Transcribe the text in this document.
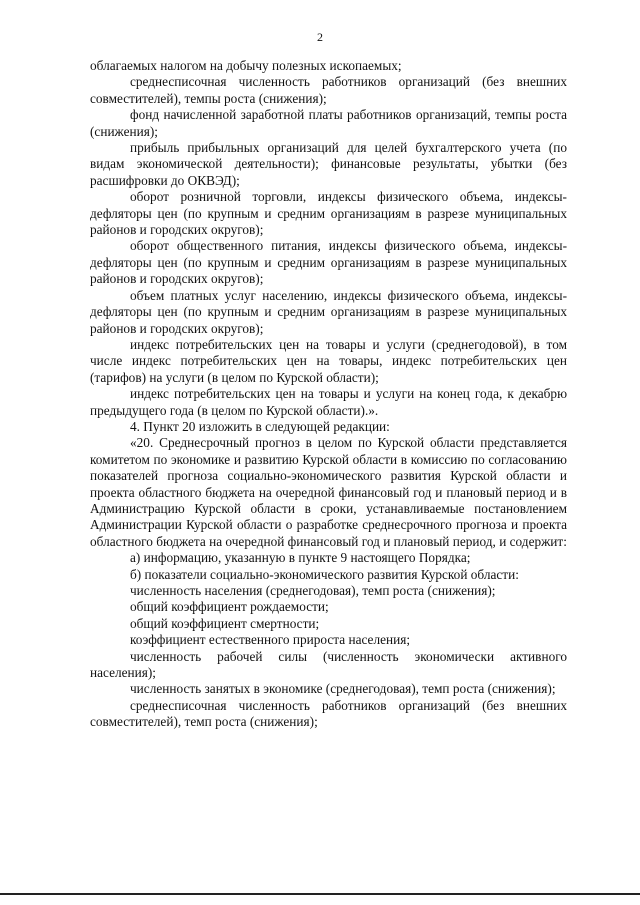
2

облагаемых налогом на добычу полезных ископаемых;

среднесписочная численность работников организаций (без внешних совместителей), темпы роста (снижения);

фонд начисленной заработной платы работников организаций, темпы роста (снижения);

прибыль прибыльных организаций для целей бухгалтерского учета (по видам экономической деятельности); финансовые результаты, убытки (без расшифровки до ОКВЭД);

оборот розничной торговли, индексы физического объема, индексы-дефляторы цен (по крупным и средним организациям в разрезе муниципальных районов и городских округов);

оборот общественного питания, индексы физического объема, индексы-дефляторы цен (по крупным и средним организациям в разрезе муниципальных районов и городских округов);

объем платных услуг населению, индексы физического объема, индексы-дефляторы цен (по крупным и средним организациям в разрезе муниципальных районов и городских округов);

индекс потребительских цен на товары и услуги (среднегодовой), в том числе индекс потребительских цен на товары, индекс потребительских цен (тарифов) на услуги (в целом по Курской области);

индекс потребительских цен на товары и услуги на конец года, к декабрю предыдущего года (в целом по Курской области).».

4. Пункт 20 изложить в следующей редакции:

«20. Среднесрочный прогноз в целом по Курской области представляется комитетом по экономике и развитию Курской области в комиссию по согласованию показателей прогноза социально-экономического развития Курской области и проекта областного бюджета на очередной финансовый год и плановый период и в Администрацию Курской области в сроки, устанавливаемые постановлением Администрации Курской области о разработке среднесрочного прогноза и проекта областного бюджета на очередной финансовый год и плановый период, и содержит:

а) информацию, указанную в пункте 9 настоящего Порядка;

б) показатели социально-экономического развития Курской области:

численность населения (среднегодовая), темп роста (снижения);

общий коэффициент рождаемости;

общий коэффициент смертности;

коэффициент естественного прироста населения;

численность рабочей силы (численность экономически активного населения);

численность занятых в экономике (среднегодовая), темп роста (снижения);

среднесписочная численность работников организаций (без внешних совместителей), темп роста (снижения);
